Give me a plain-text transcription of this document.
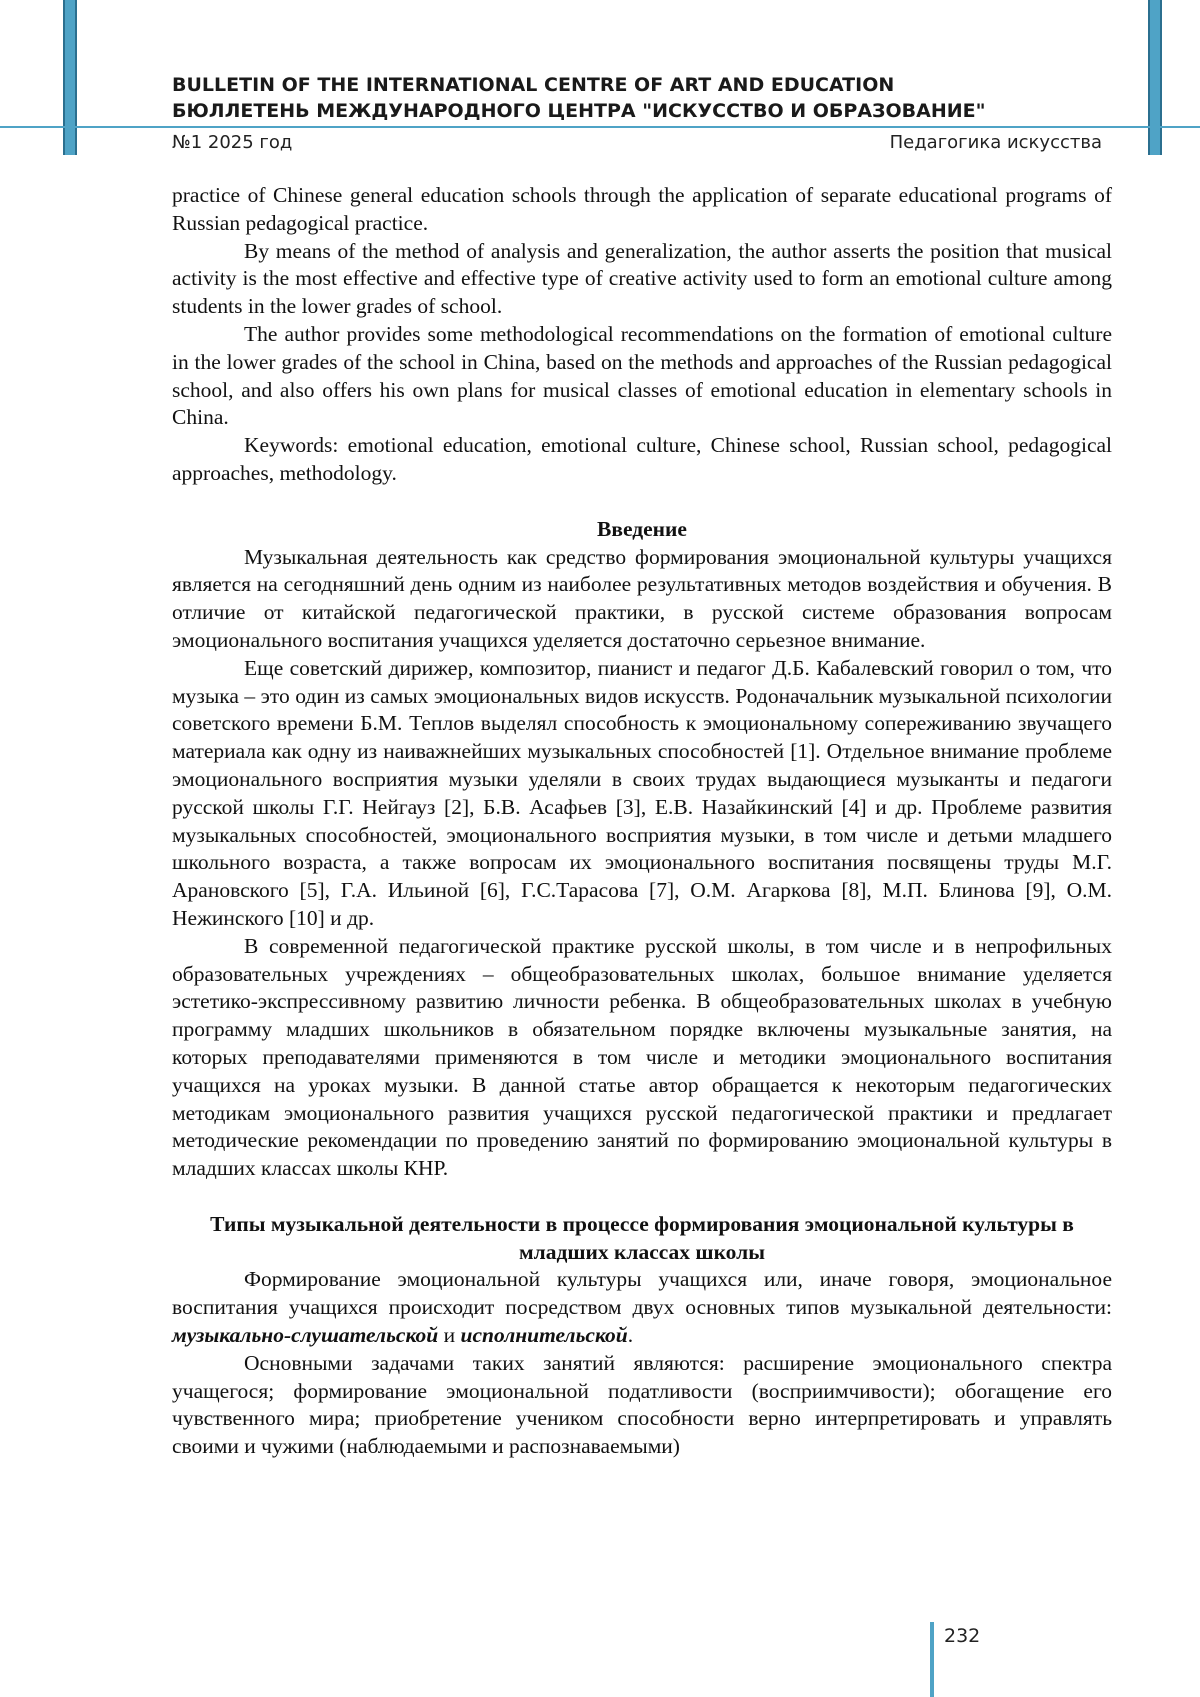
BULLETIN OF THE INTERNATIONAL CENTRE OF ART AND EDUCATION
БЮЛЛЕТЕНЬ МЕЖДУНАРОДНОГО ЦЕНТРА "ИСКУССТВО И ОБРАЗОВАНИЕ"
№1 2025 год	Педагогика искусства

practice of Chinese general education schools through the application of separate educational programs of Russian pedagogical practice.

By means of the method of analysis and generalization, the author asserts the position that musical activity is the most effective and effective type of creative activity used to form an emotional culture among students in the lower grades of school.

The author provides some methodological recommendations on the formation of emotional culture in the lower grades of the school in China, based on the methods and approaches of the Russian pedagogical school, and also offers his own plans for musical classes of emotional education in elementary schools in China.

Keywords: emotional education, emotional culture, Chinese school, Russian school, pedagogical approaches, methodology.

Введение

Музыкальная деятельность как средство формирования эмоциональной культуры учащихся является на сегодняшний день одним из наиболее результативных методов воздействия и обучения. В отличие от китайской педагогической практики, в русской системе образования вопросам эмоционального воспитания учащихся уделяется достаточно серьезное внимание.

Еще советский дирижер, композитор, пианист и педагог Д.Б. Кабалевский говорил о том, что музыка – это один из самых эмоциональных видов искусств. Родоначальник музыкальной психологии советского времени Б.М. Теплов выделял способность к эмоциональному сопереживанию звучащего материала как одну из наиважнейших музыкальных способностей [1]. Отдельное внимание проблеме эмоционального восприятия музыки уделяли в своих трудах выдающиеся музыканты и педагоги русской школы Г.Г. Нейгауз [2], Б.В. Асафьев [3], Е.В. Назайкинский [4] и др. Проблеме развития музыкальных способностей, эмоционального восприятия музыки, в том числе и детьми младшего школьного возраста, а также вопросам их эмоционального воспитания посвящены труды М.Г. Арановского [5], Г.А. Ильиной [6], Г.С.Тарасова [7], О.М. Агаркова [8], М.П. Блинова [9], О.М. Нежинского [10] и др.

В современной педагогической практике русской школы, в том числе и в непрофильных образовательных учреждениях – общеобразовательных школах, большое внимание уделяется эстетико-экспрессивному развитию личности ребенка. В общеобразовательных школах в учебную программу младших школьников в обязательном порядке включены музыкальные занятия, на которых преподавателями применяются в том числе и методики эмоционального воспитания учащихся на уроках музыки. В данной статье автор обращается к некоторым педагогических методикам эмоционального развития учащихся русской педагогической практики и предлагает методические рекомендации по проведению занятий по формированию эмоциональной культуры в младших классах школы КНР.

Типы музыкальной деятельности в процессе формирования эмоциональной культуры в младших классах школы

Формирование эмоциональной культуры учащихся или, иначе говоря, эмоциональное воспитания учащихся происходит посредством двух основных типов музыкальной деятельности: музыкально-слушательской и исполнительской.

Основными задачами таких занятий являются: расширение эмоционального спектра учащегося; формирование эмоциональной податливости (восприимчивости); обогащение его чувственного мира; приобретение учеником способности верно интерпретировать и управлять своими и чужими (наблюдаемыми и распознаваемыми)

232
